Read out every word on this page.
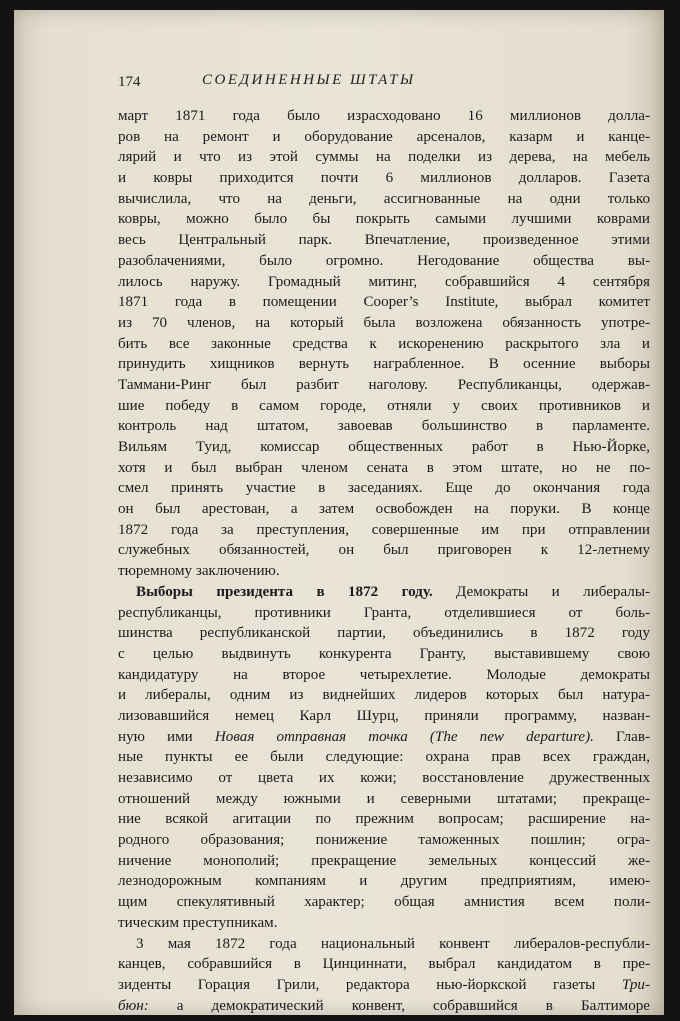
174	СОЕДИНЕННЫЕ ШТАТЫ
март 1871 года было израсходовано 16 миллионов долла-
ров на ремонт и оборудование арсеналов, казарм и канце-
лярий и что из этой суммы на поделки из дерева, на мебель
и ковры приходится почти 6 миллионов долларов. Газета
вычислила, что на деньги, ассигнованные на одни только
ковры, можно было бы покрыть самыми лучшими коврами
весь Центральный парк. Впечатление, произведенное этими
разоблачениями, было огромно. Негодование общества вы-
лилось наружу. Громадный митинг, собравшийся 4 сентября
1871 года в помещении Cooper’s Institute, выбрал комитет
из 70 членов, на который была возложена обязанность употре-
бить все законные средства к искоренению раскрытого зла и
принудить хищников вернуть награбленное. В осенние выборы
Таммани-Ринг был разбит наголову. Республиканцы, одержав-
шие победу в самом городе, отняли у своих противников и
контроль над штатом, завоевав большинство в парламенте.
Вильям Туид, комиссар общественных работ в Нью-Йорке,
хотя и был выбран членом сената в этом штате, но не по-
смел принять участие в заседаниях. Еще до окончания года
он был арестован, а затем освобожден на поруки. В конце
1872 года за преступления, совершенные им при отправлении
служебных обязанностей, он был приговорен к 12-летнему
тюремному заключению.
Выборы президента в 1872 году. Демократы и либералы-
республиканцы, противники Гранта, отделившиеся от боль-
шинства республиканской партии, объединились в 1872 году
с целью выдвинуть конкурента Гранту, выставившему свою
кандидатуру на второе четырехлетие. Молодые демократы
и либералы, одним из виднейших лидеров которых был натура-
лизовавшийся немец Карл Шурц, приняли программу, назван-
ную ими Новая отправная точка (The new departure). Глав-
ные пункты ее были следующие: охрана прав всех граждан,
независимо от цвета их кожи; восстановление дружественных
отношений между южными и северными штатами; прекраще-
ние всякой агитации по прежним вопросам; расширение на-
родного образования; понижение таможенных пошлин; огра-
ничение монополий; прекращение земельных концессий же-
лезнодорожным компаниям и другим предприятиям, имею-
щим спекулятивный характер; общая амнистия всем поли-
тическим преступникам.
3 мая 1872 года национальный конвент либералов-республи-
канцев, собравшийся в Цинциннати, выбрал кандидатом в пре-
зиденты Горация Грили, редактора нью-йоркской газеты Три-
бюн: а демократический конвент, собравшийся в Балтиморе
